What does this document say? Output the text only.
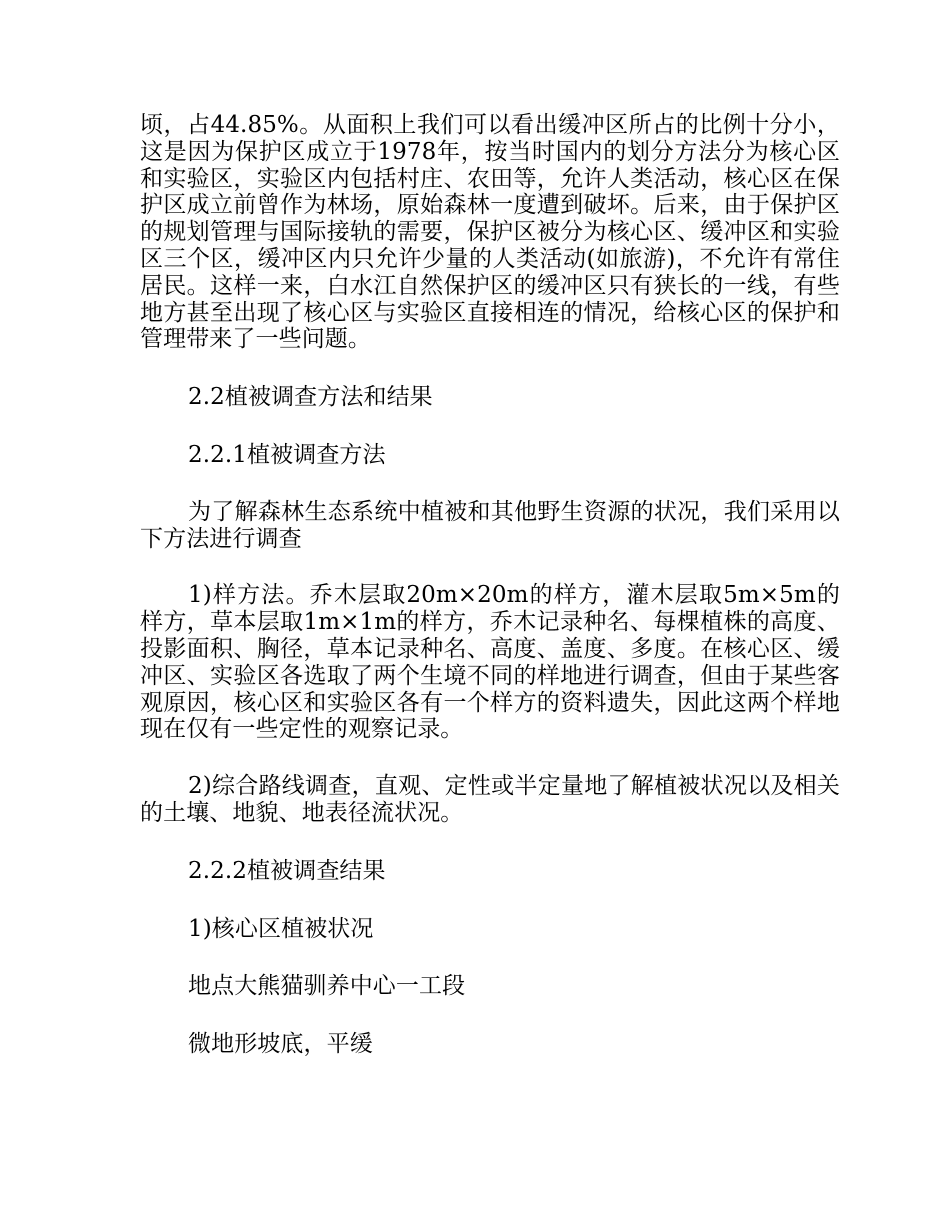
顷，占44.85%。从面积上我们可以看出缓冲区所占的比例十分小，这是因为保护区成立于1978年，按当时国内的划分方法分为核心区和实验区，实验区内包括村庄、农田等，允许人类活动，核心区在保护区成立前曾作为林场，原始森林一度遭到破坏。后来，由于保护区的规划管理与国际接轨的需要，保护区被分为核心区、缓冲区和实验区三个区，缓冲区内只允许少量的人类活动(如旅游)，不允许有常住居民。这样一来，白水江自然保护区的缓冲区只有狭长的一线，有些地方甚至出现了核心区与实验区直接相连的情况，给核心区的保护和管理带来了一些问题。

2.2植被调查方法和结果

2.2.1植被调查方法

为了解森林生态系统中植被和其他野生资源的状况，我们采用以下方法进行调查

1)样方法。乔木层取20m×20m的样方，灌木层取5m×5m的样方，草本层取1m×1m的样方，乔木记录种名、每棵植株的高度、投影面积、胸径，草本记录种名、高度、盖度、多度。在核心区、缓冲区、实验区各选取了两个生境不同的样地进行调查，但由于某些客观原因，核心区和实验区各有一个样方的资料遗失，因此这两个样地现在仅有一些定性的观察记录。

2)综合路线调查，直观、定性或半定量地了解植被状况以及相关的土壤、地貌、地表径流状况。

2.2.2植被调查结果

1)核心区植被状况

地点大熊猫驯养中心一工段

微地形坡底，平缓
